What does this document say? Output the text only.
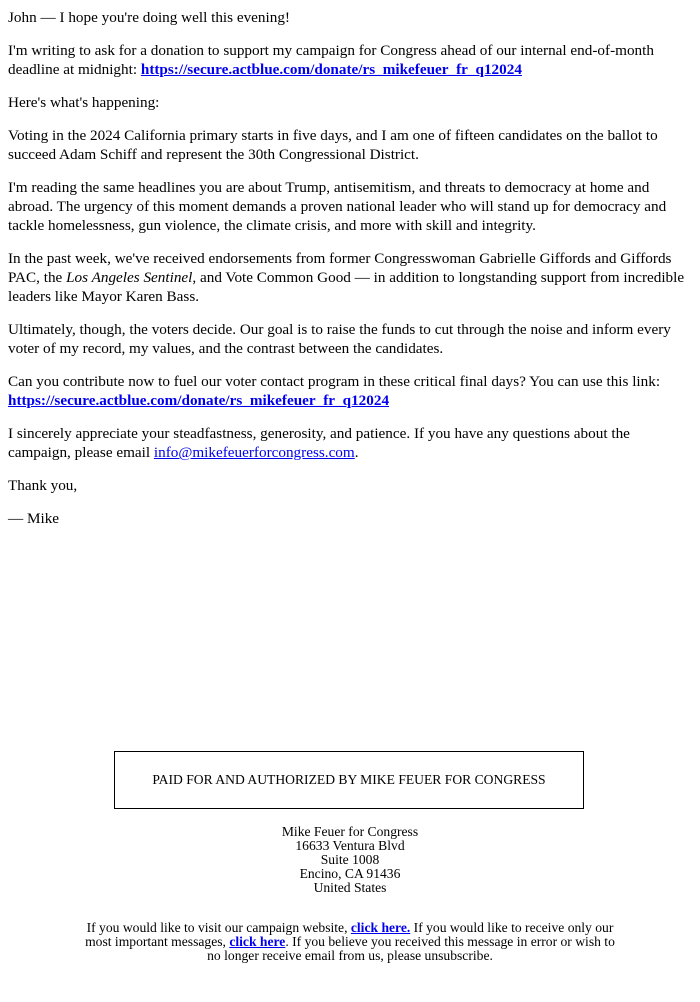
John — I hope you're doing well this evening!

I'm writing to ask for a donation to support my campaign for Congress ahead of our internal end-of-month deadline at midnight: https://secure.actblue.com/donate/rs_mikefeuer_fr_q12024

Here's what's happening:

Voting in the 2024 California primary starts in five days, and I am one of fifteen candidates on the ballot to succeed Adam Schiff and represent the 30th Congressional District.

I'm reading the same headlines you are about Trump, antisemitism, and threats to democracy at home and abroad. The urgency of this moment demands a proven national leader who will stand up for democracy and tackle homelessness, gun violence, the climate crisis, and more with skill and integrity.

In the past week, we've received endorsements from former Congresswoman Gabrielle Giffords and Giffords PAC, the Los Angeles Sentinel, and Vote Common Good — in addition to longstanding support from incredible leaders like Mayor Karen Bass.

Ultimately, though, the voters decide. Our goal is to raise the funds to cut through the noise and inform every voter of my record, my values, and the contrast between the candidates.

Can you contribute now to fuel our voter contact program in these critical final days? You can use this link: https://secure.actblue.com/donate/rs_mikefeuer_fr_q12024

I sincerely appreciate your steadfastness, generosity, and patience. If you have any questions about the campaign, please email info@mikefeuerforcongress.com.

Thank you,

— Mike

PAID FOR AND AUTHORIZED BY MIKE FEUER FOR CONGRESS
Mike Feuer for Congress
16633 Ventura Blvd
Suite 1008
Encino, CA 91436
United States
If you would like to visit our campaign website, click here. If you would like to receive only our most important messages, click here. If you believe you received this message in error or wish to no longer receive email from us, please unsubscribe.
